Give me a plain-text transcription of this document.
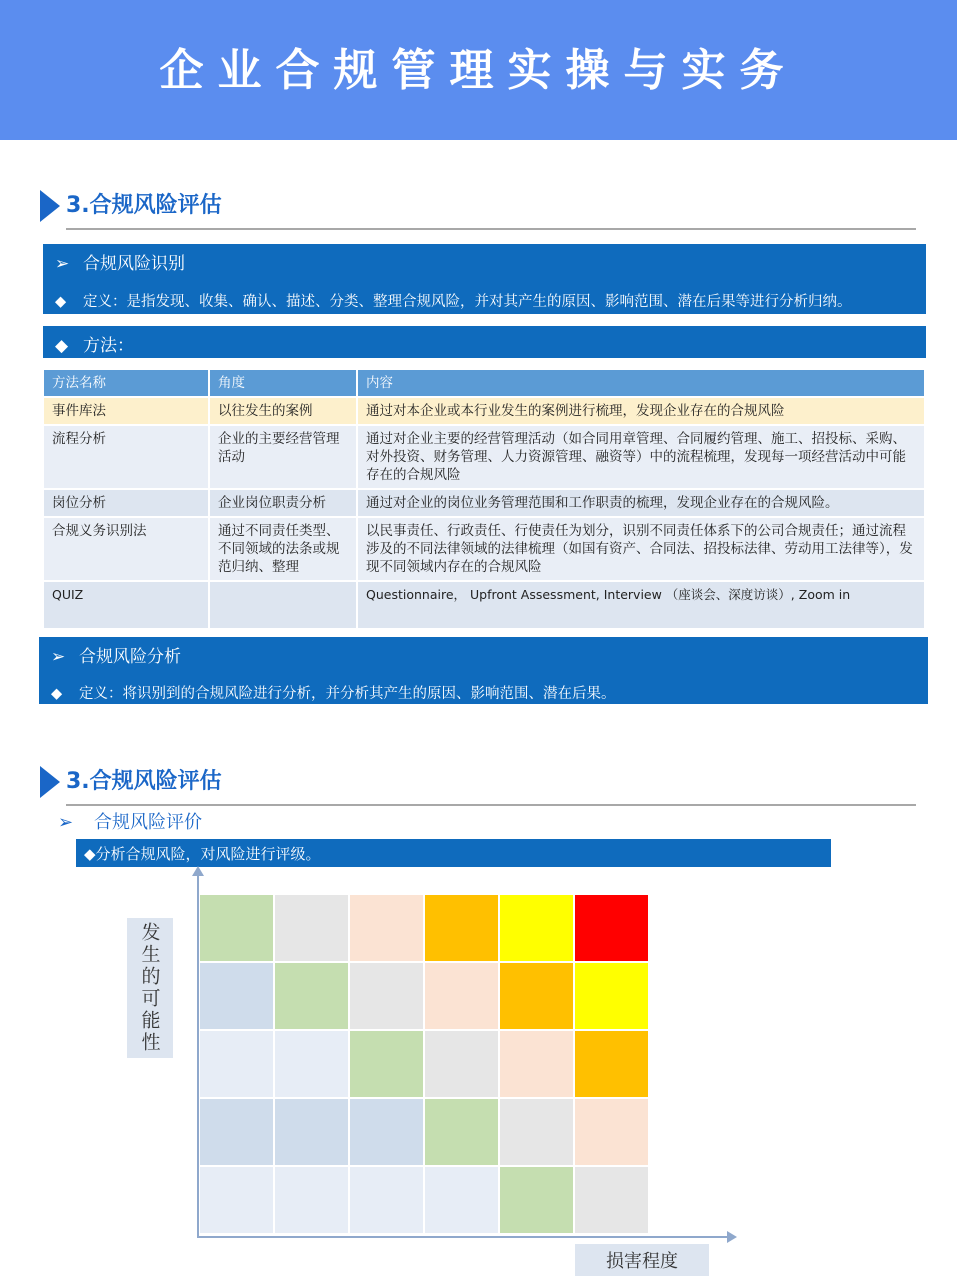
企业合规管理实操与实务
3.合规风险评估
➢ 合规风险识别
◆ 定义：是指发现、收集、确认、描述、分类、整理合规风险，并对其产生的原因、影响范围、潜在后果等进行分析归纳。
◆ 方法：
方法名称	角度	内容
事件库法	以往发生的案例	通过对本企业或本行业发生的案例进行梳理，发现企业存在的合规风险
流程分析	企业的主要经营管理活动	通过对企业主要的经营管理活动（如合同用章管理、合同履约管理、施工、招投标、采购、对外投资、财务管理、人力资源管理、融资等）中的流程梳理，发现每一项经营活动中可能存在的合规风险
岗位分析	企业岗位职责分析	通过对企业的岗位业务管理范围和工作职责的梳理，发现企业存在的合规风险。
合规义务识别法	通过不同责任类型、不同领域的法条或规范归纳、整理	以民事责任、行政责任、行使责任为划分，识别不同责任体系下的公司合规责任；通过流程涉及的不同法律领域的法律梳理（如国有资产、合同法、招投标法律、劳动用工法律等），发现不同领域内存在的合规风险
QUIZ		Questionnaire， Upfront Assessment, Interview （座谈会、深度访谈）, Zoom in
➢ 合规风险分析
◆ 定义：将识别到的合规风险进行分析，并分析其产生的原因、影响范围、潜在后果。
3.合规风险评估
➢ 合规风险评价
◆分析合规风险，对风险进行评级。
发生的可能性
损害程度
